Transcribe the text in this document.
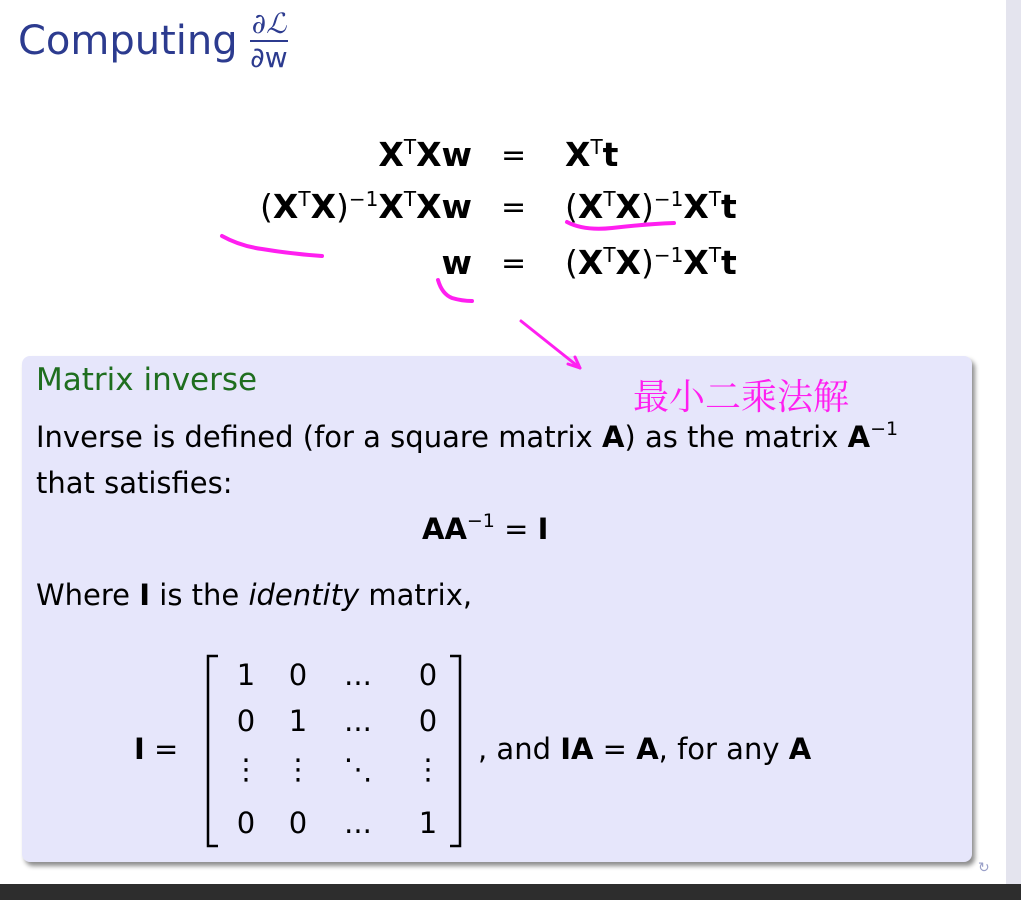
Computing $\frac{\text{∂ℒ}}{\partial w}$
$X^TXw = X^Tt$
$(X^TX)^{-1}X^TXw = (X^TX)^{-1}X^Tt$
$w = (X^TX)^{-1}X^Tt$
Matrix inverse
Inverse is defined (for a square matrix A) as the matrix $A^{-1}$
that satisfies:
$AA^{-1} = I$
Where I is the identity matrix,
I =
1	0	...	0
0	1	...	0
⋮ ⋮ ⋱ ⋮
0	0	...	1
, and IA = A, for any A
最小二乘法解
↻
